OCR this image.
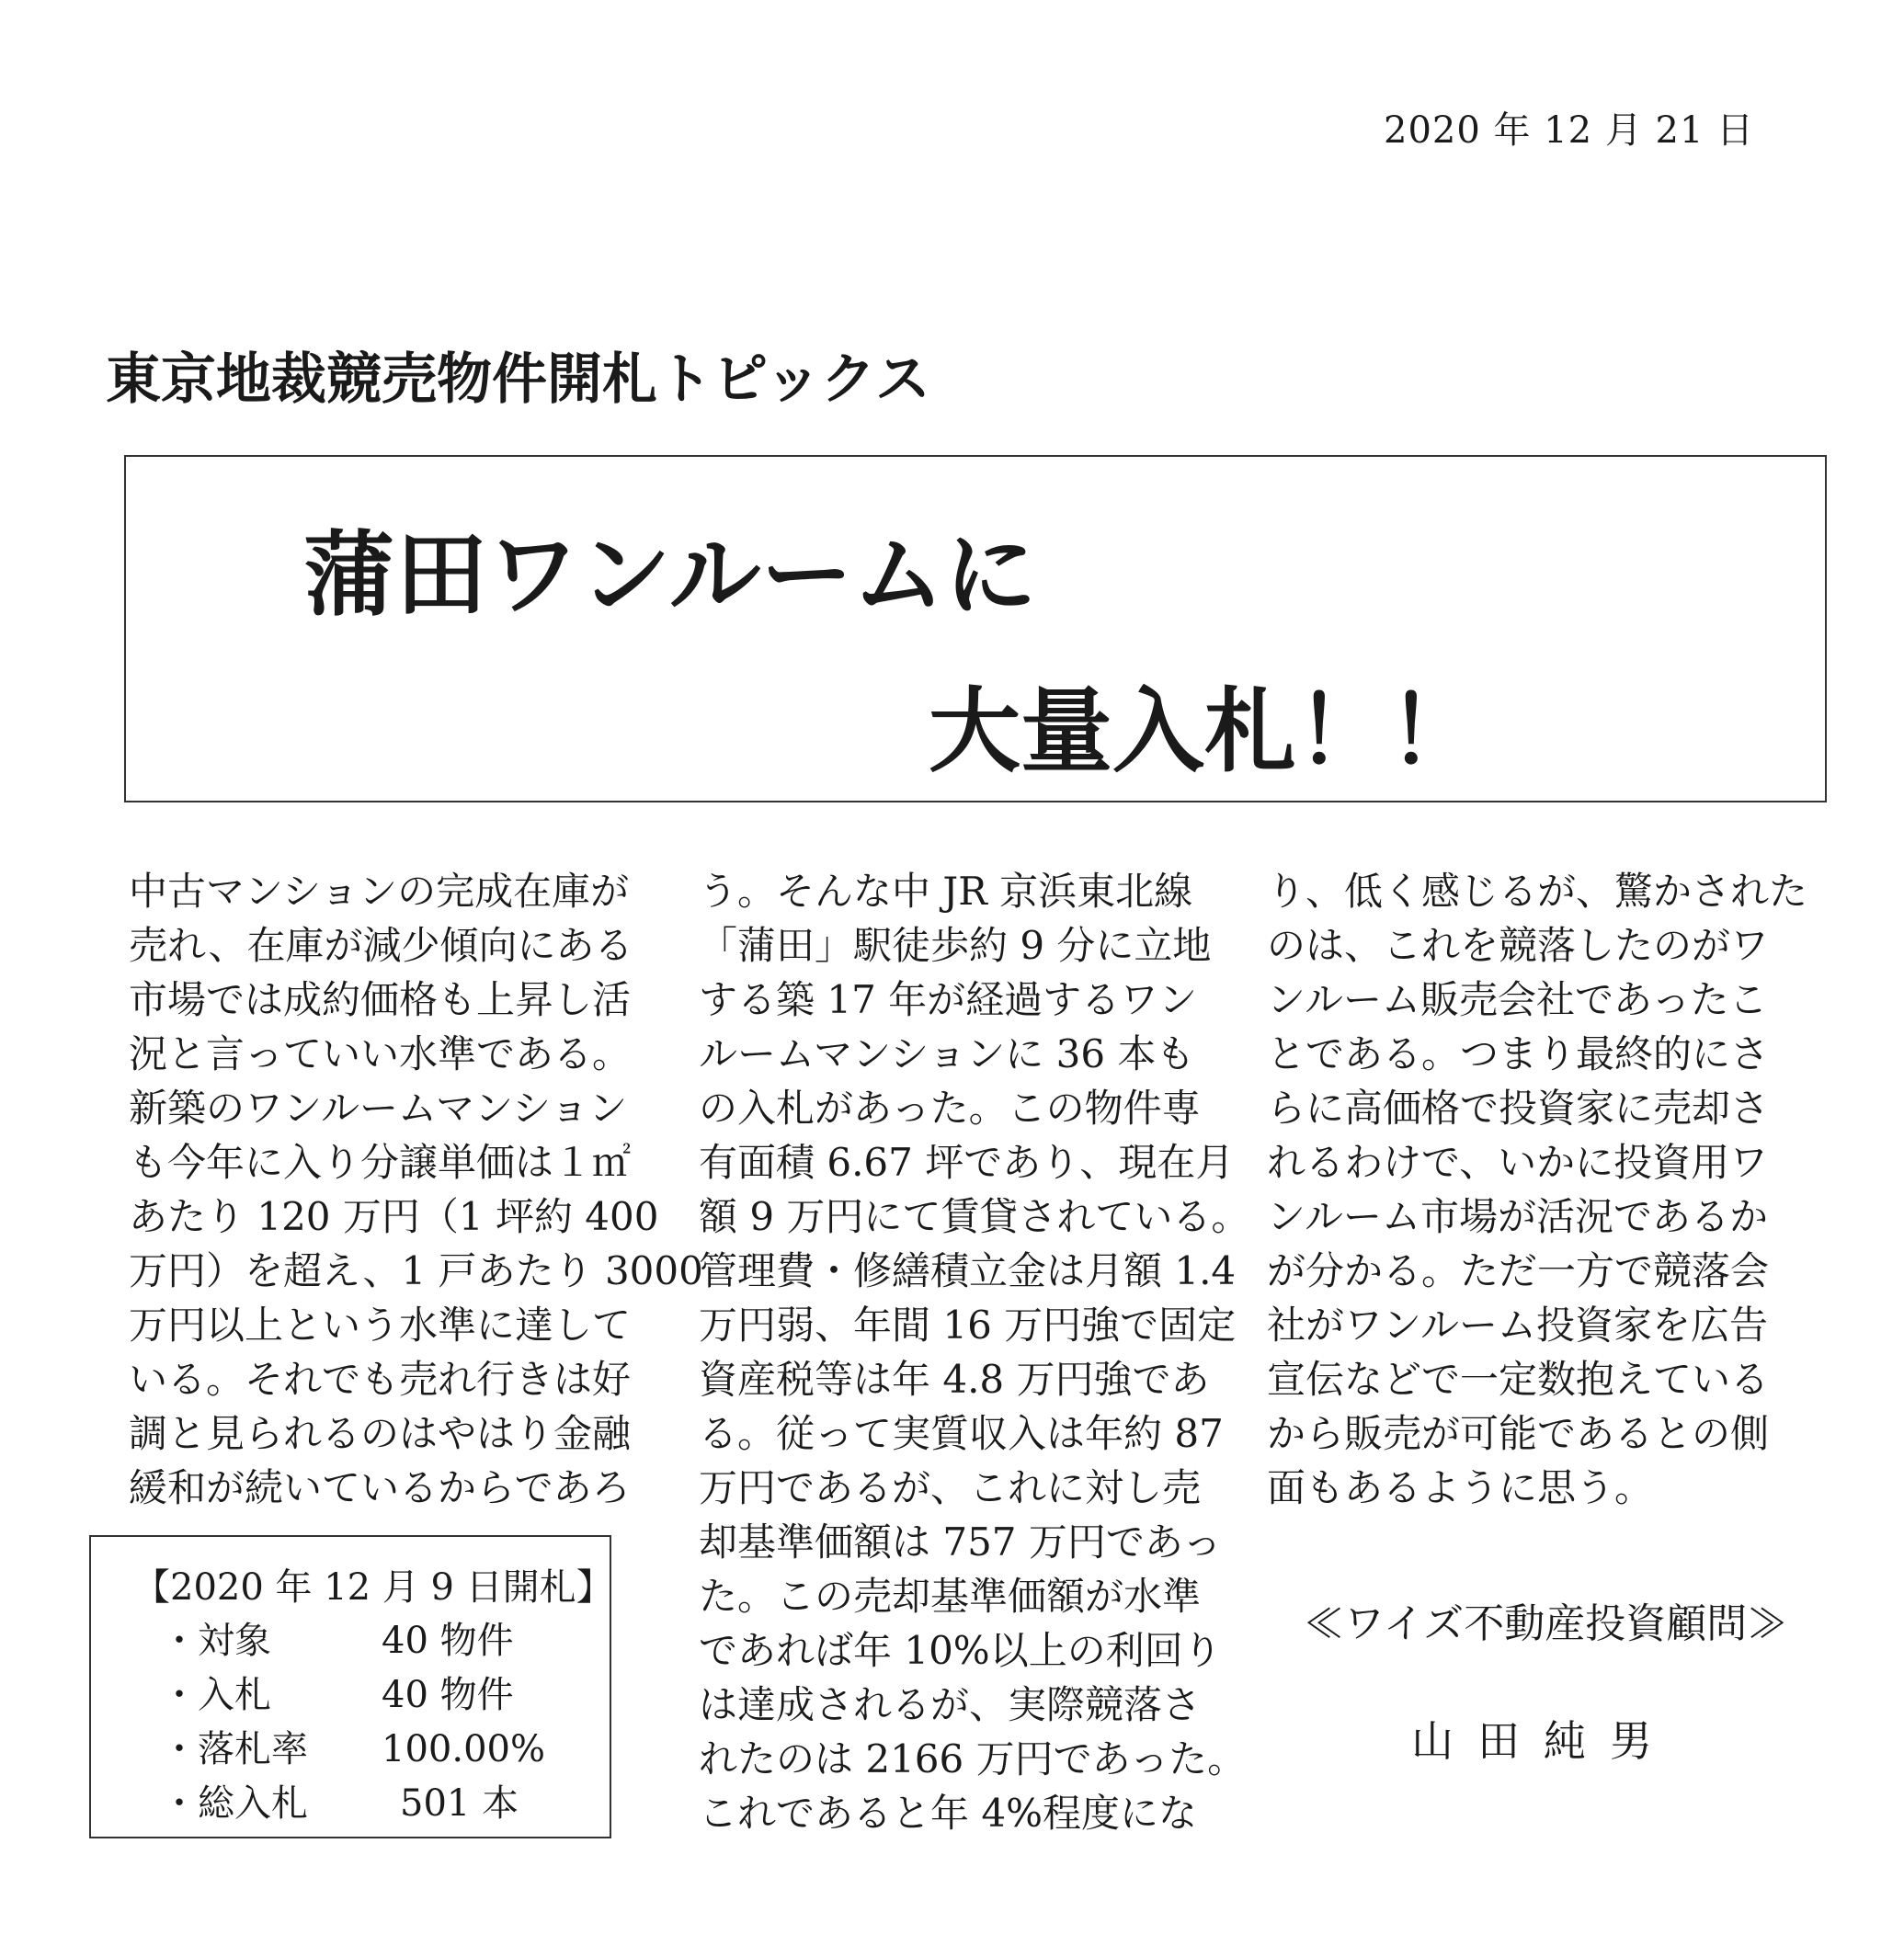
2020 年 12 月 21 日
東京地裁競売物件開札トピックス
蒲田ワンルームに
大量入札！！
中古マンションの完成在庫が
売れ、在庫が減少傾向にある
市場では成約価格も上昇し活
況と言っていい水準である。
新築のワンルームマンション
も今年に入り分譲単価は１㎡
あたり 120 万円（1 坪約 400
万円）を超え、1 戸あたり 3000
万円以上という水準に達して
いる。それでも売れ行きは好
調と見られるのはやはり金融
緩和が続いているからであろ
う。そんな中 JR 京浜東北線
「蒲田」駅徒歩約 9 分に立地
する築 17 年が経過するワン
ルームマンションに 36 本も
の入札があった。この物件専
有面積 6.67 坪であり、現在月
額 9 万円にて賃貸されている。
管理費・修繕積立金は月額 1.4
万円弱、年間 16 万円強で固定
資産税等は年 4.8 万円強であ
る。従って実質収入は年約 87
万円であるが、これに対し売
却基準価額は 757 万円であっ
た。この売却基準価額が水準
であれば年 10%以上の利回り
は達成されるが、実際競落さ
れたのは 2166 万円であった。
これであると年 4%程度にな
り、低く感じるが、驚かされた
のは、これを競落したのがワ
ンルーム販売会社であったこ
とである。つまり最終的にさ
らに高価格で投資家に売却さ
れるわけで、いかに投資用ワ
ンルーム市場が活況であるか
が分かる。ただ一方で競落会
社がワンルーム投資家を広告
宣伝などで一定数抱えている
から販売が可能であるとの側
面もあるように思う。
【2020 年 12 月 9 日開札】
・対象	40 物件
・入札	40 物件
・落札率 100.00%
・総入札	501 本
≪ワイズ不動産投資顧問≫
山田純男
